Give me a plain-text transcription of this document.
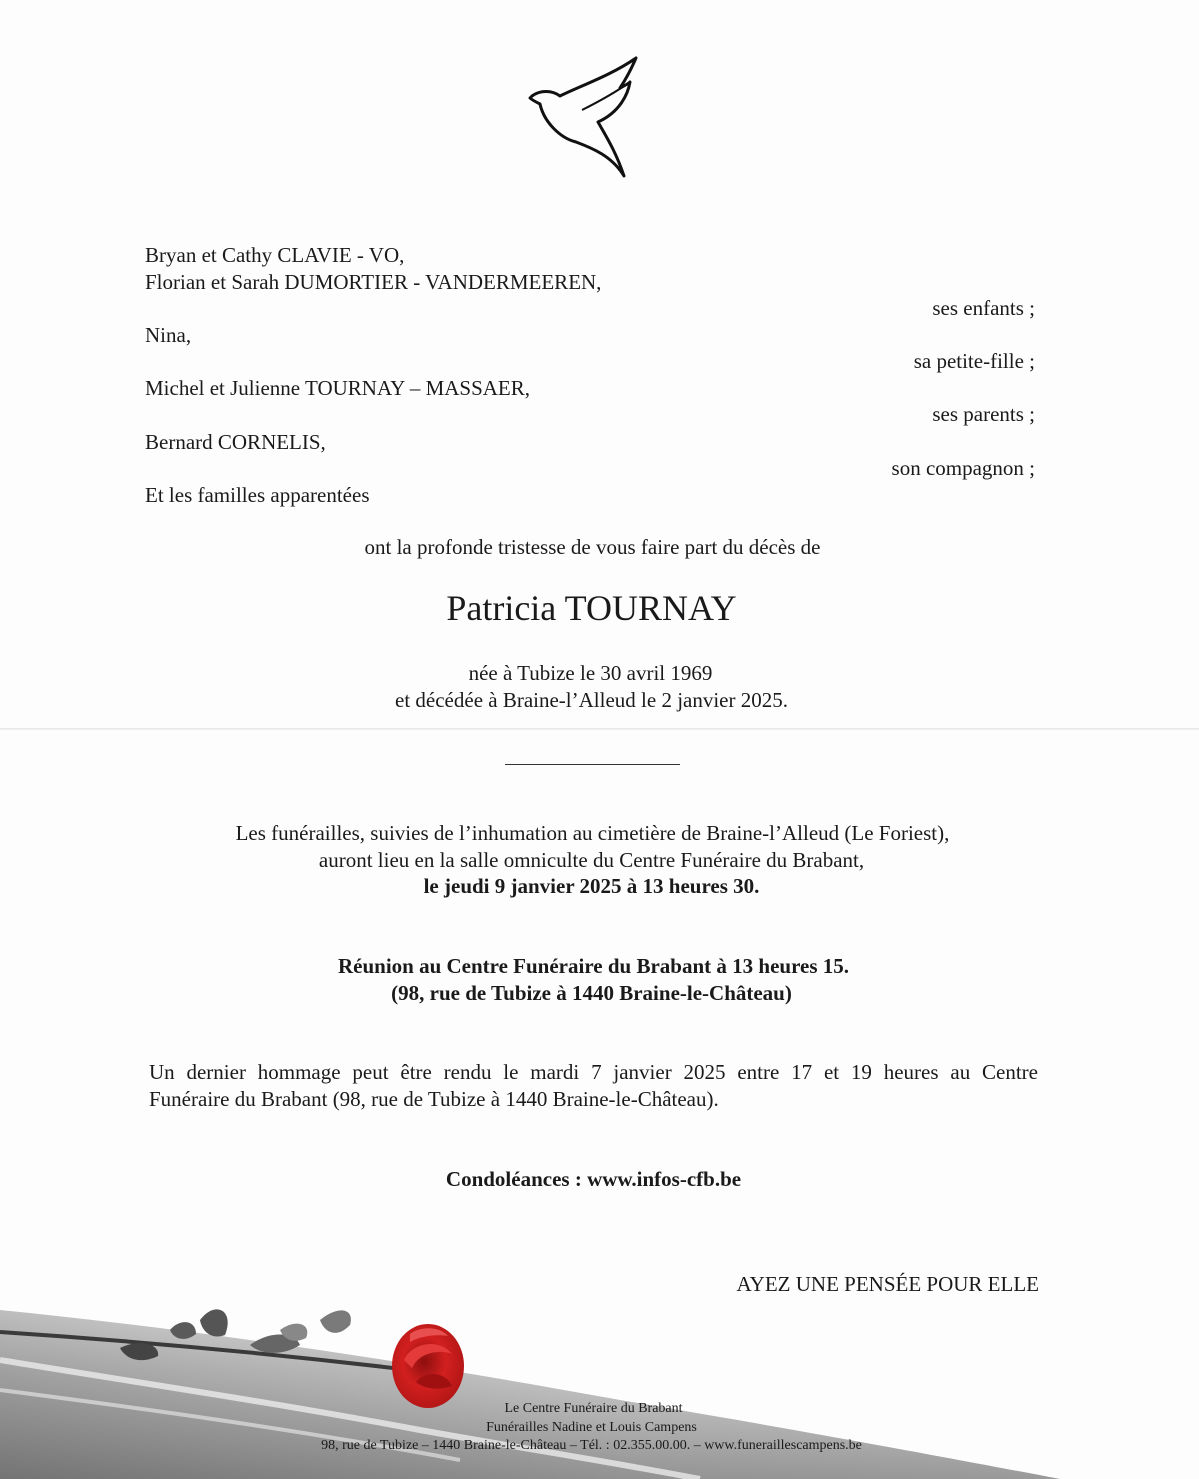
Bryan et Cathy CLAVIE - VO,
Florian et Sarah DUMORTIER - VANDERMEEREN,
ses enfants ;
Nina,
sa petite-fille ;
Michel et Julienne TOURNAY – MASSAER,
ses parents ;
Bernard CORNELIS,
son compagnon ;
Et les familles apparentées
ont la profonde tristesse de vous faire part du décès de
Patricia TOURNAY
née à Tubize le 30 avril 1969
et décédée à Braine-l’Alleud le 2 janvier 2025.
Les funérailles, suivies de l’inhumation au cimetière de Braine-l’Alleud (Le Foriest),
auront lieu en la salle omniculte du Centre Funéraire du Brabant,
le jeudi 9 janvier 2025 à 13 heures 30.
Réunion au Centre Funéraire du Brabant à 13 heures 15.
(98, rue de Tubize à 1440 Braine-le-Château)
Un dernier hommage peut être rendu le mardi 7 janvier 2025 entre 17 et 19 heures au Centre
Funéraire du Brabant (98, rue de Tubize à 1440 Braine-le-Château).
Condoléances : www.infos-cfb.be
AYEZ UNE PENSÉE POUR ELLE
Le Centre Funéraire du Brabant
Funérailles Nadine et Louis Campens
98, rue de Tubize – 1440 Braine-le-Château – Tél. : 02.355.00.00. – www.funeraillescampens.be
